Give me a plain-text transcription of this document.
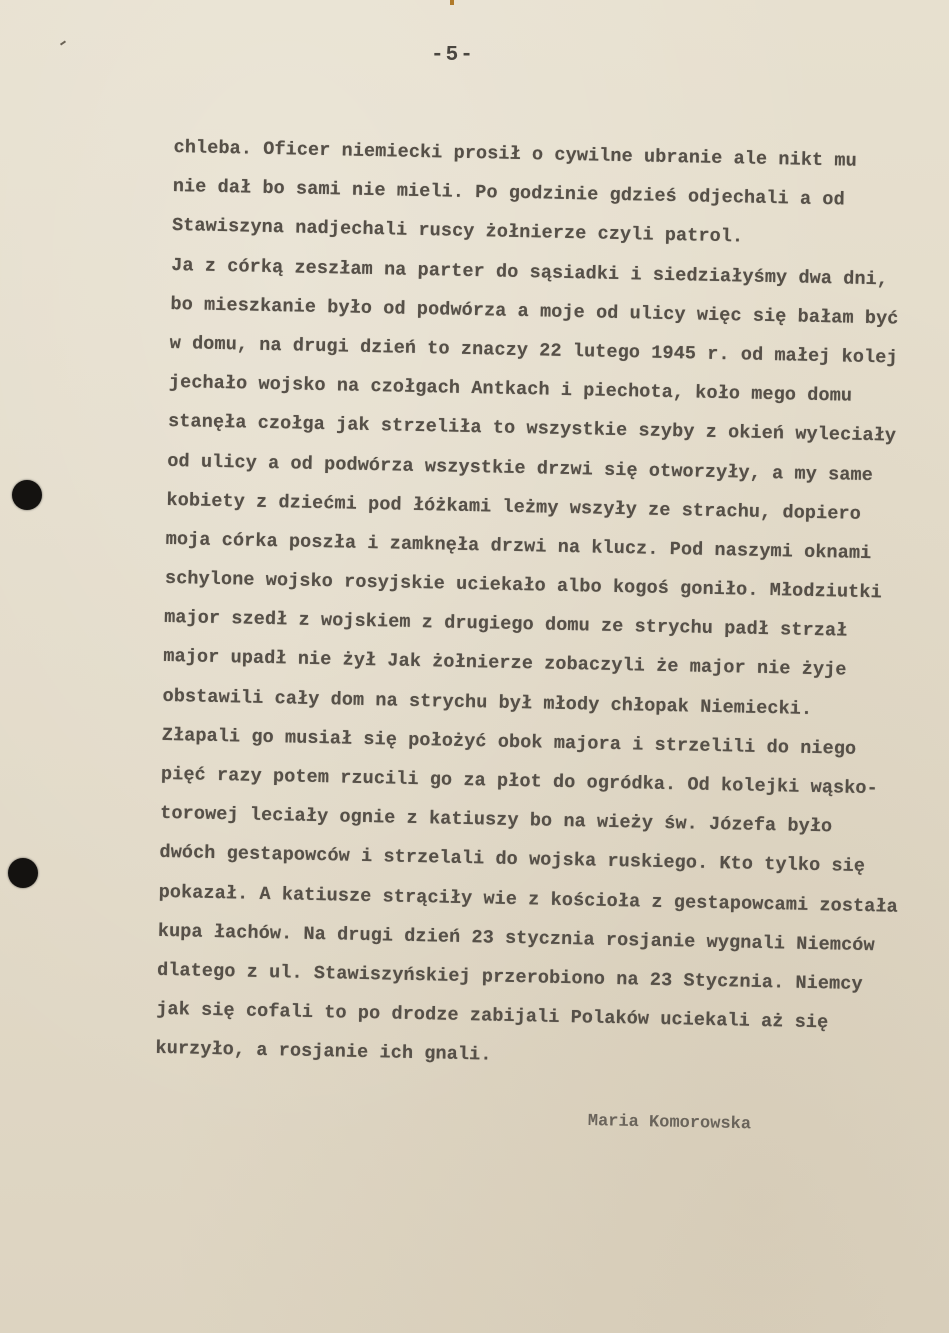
-5-
chleba. Oficer niemiecki prosił o cywilne ubranie ale nikt mu
nie dał bo sami nie mieli. Po godzinie gdzieś odjechali a od
Stawiszyna nadjechali ruscy żołnierze czyli patrol.
Ja z córką zeszłam na parter do sąsiadki i siedziałyśmy dwa dni,
bo mieszkanie było od podwórza a moje od ulicy więc się bałam być
w domu, na drugi dzień to znaczy 22 lutego 1945 r. od małej kolej
jechało wojsko na czołgach Antkach i piechota, koło mego domu
stanęła czołga jak strzeliła to wszystkie szyby z okień wyleciały
od ulicy a od podwórza wszystkie drzwi się otworzyły, a my same
kobiety z dziećmi pod łóżkami leżmy wszyły ze strachu, dopiero
moja córka poszła i zamknęła drzwi na klucz. Pod naszymi oknami
schylone wojsko rosyjskie uciekało albo kogoś goniło. Młodziutki
major szedł z wojskiem z drugiego domu ze strychu padł strzał
major upadł nie żył Jak żołnierze zobaczyli że major nie żyje
obstawili cały dom na strychu był młody chłopak Niemiecki.
Złapali go musiał się położyć obok majora i strzelili do niego
pięć razy potem rzucili go za płot do ogródka. Od kolejki wąsko-
torowej leciały ognie z katiuszy bo na wieży św. Józefa było
dwóch gestapowców i strzelali do wojska ruskiego. Kto tylko się
pokazał. A katiusze strąciły wie z kościoła z gestapowcami została
kupa łachów. Na drugi dzień 23 stycznia rosjanie wygnali Niemców
dlatego z ul. Stawiszyńskiej przerobiono na 23 Stycznia. Niemcy
jak się cofali to po drodze zabijali Polaków uciekali aż się
kurzyło, a rosjanie ich gnali.
Maria Komorowska
